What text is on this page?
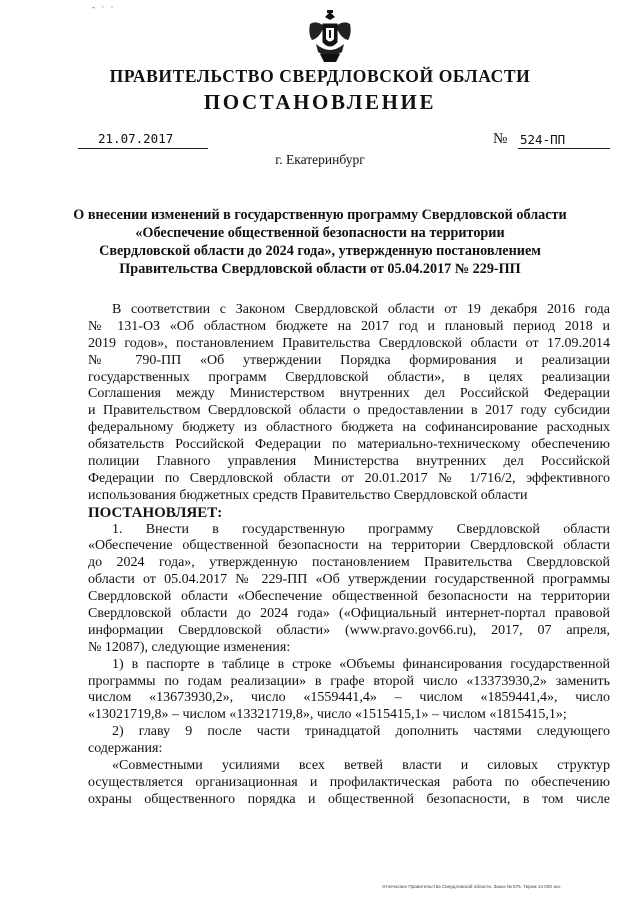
- · ·
ПРАВИТЕЛЬСТВО СВЕРДЛОВСКОЙ ОБЛАСТИ
ПОСТАНОВЛЕНИЕ
21.07.2017	№ 524-ПП
г. Екатеринбург
О внесении изменений в государственную программу Свердловской области
«Обеспечение общественной безопасности на территории
Свердловской области до 2024 года», утвержденную постановлением
Правительства Свердловской области от 05.04.2017 № 229-ПП
В соответствии с Законом Свердловской области от 19 декабря 2016 года
№ 131-ОЗ «Об областном бюджете на 2017 год и плановый период 2018 и
2019 годов», постановлением Правительства Свердловской области от 17.09.2014
№ 790-ПП «Об утверждении Порядка формирования и реализации
государственных программ Свердловской области», в целях реализации
Соглашения между Министерством внутренних дел Российской Федерации
и Правительством Свердловской области о предоставлении в 2017 году субсидии
федеральному бюджету из областного бюджета на софинансирование расходных
обязательств Российской Федерации по материально-техническому обеспечению
полиции Главного управления Министерства внутренних дел Российской
Федерации по Свердловской области от 20.01.2017 № 1/716/2, эффективного
использования бюджетных средств Правительство Свердловской области
ПОСТАНОВЛЯЕТ:
1. Внести в государственную программу Свердловской области
«Обеспечение общественной безопасности на территории Свердловской области
до 2024 года», утвержденную постановлением Правительства Свердловской
области от 05.04.2017 № 229-ПП «Об утверждении государственной программы
Свердловской области «Обеспечение общественной безопасности на территории
Свердловской области до 2024 года» («Официальный интернет-портал правовой
информации Свердловской области» (www.pravo.gov66.ru), 2017, 07 апреля,
№ 12087), следующие изменения:
1) в паспорте в таблице в строке «Объемы финансирования государственной
программы по годам реализации» в графе второй число «13373930,2» заменить
числом «13673930,2», число «1559441,4» – числом «1859441,4», число
«13021719,8» – числом «13321719,8», число «1515415,1» – числом «1815415,1»;
2) главу 9 после части тринадцатой дополнить частями следующего
содержания:
«Совместными усилиями всех ветвей власти и силовых структур
осуществляется организационная и профилактическая работа по обеспечению
охраны общественного порядка и общественной безопасности, в том числе
Отпечатано Правительства Свердловской области. Заказ № 575. Тираж 14 000 экз.
